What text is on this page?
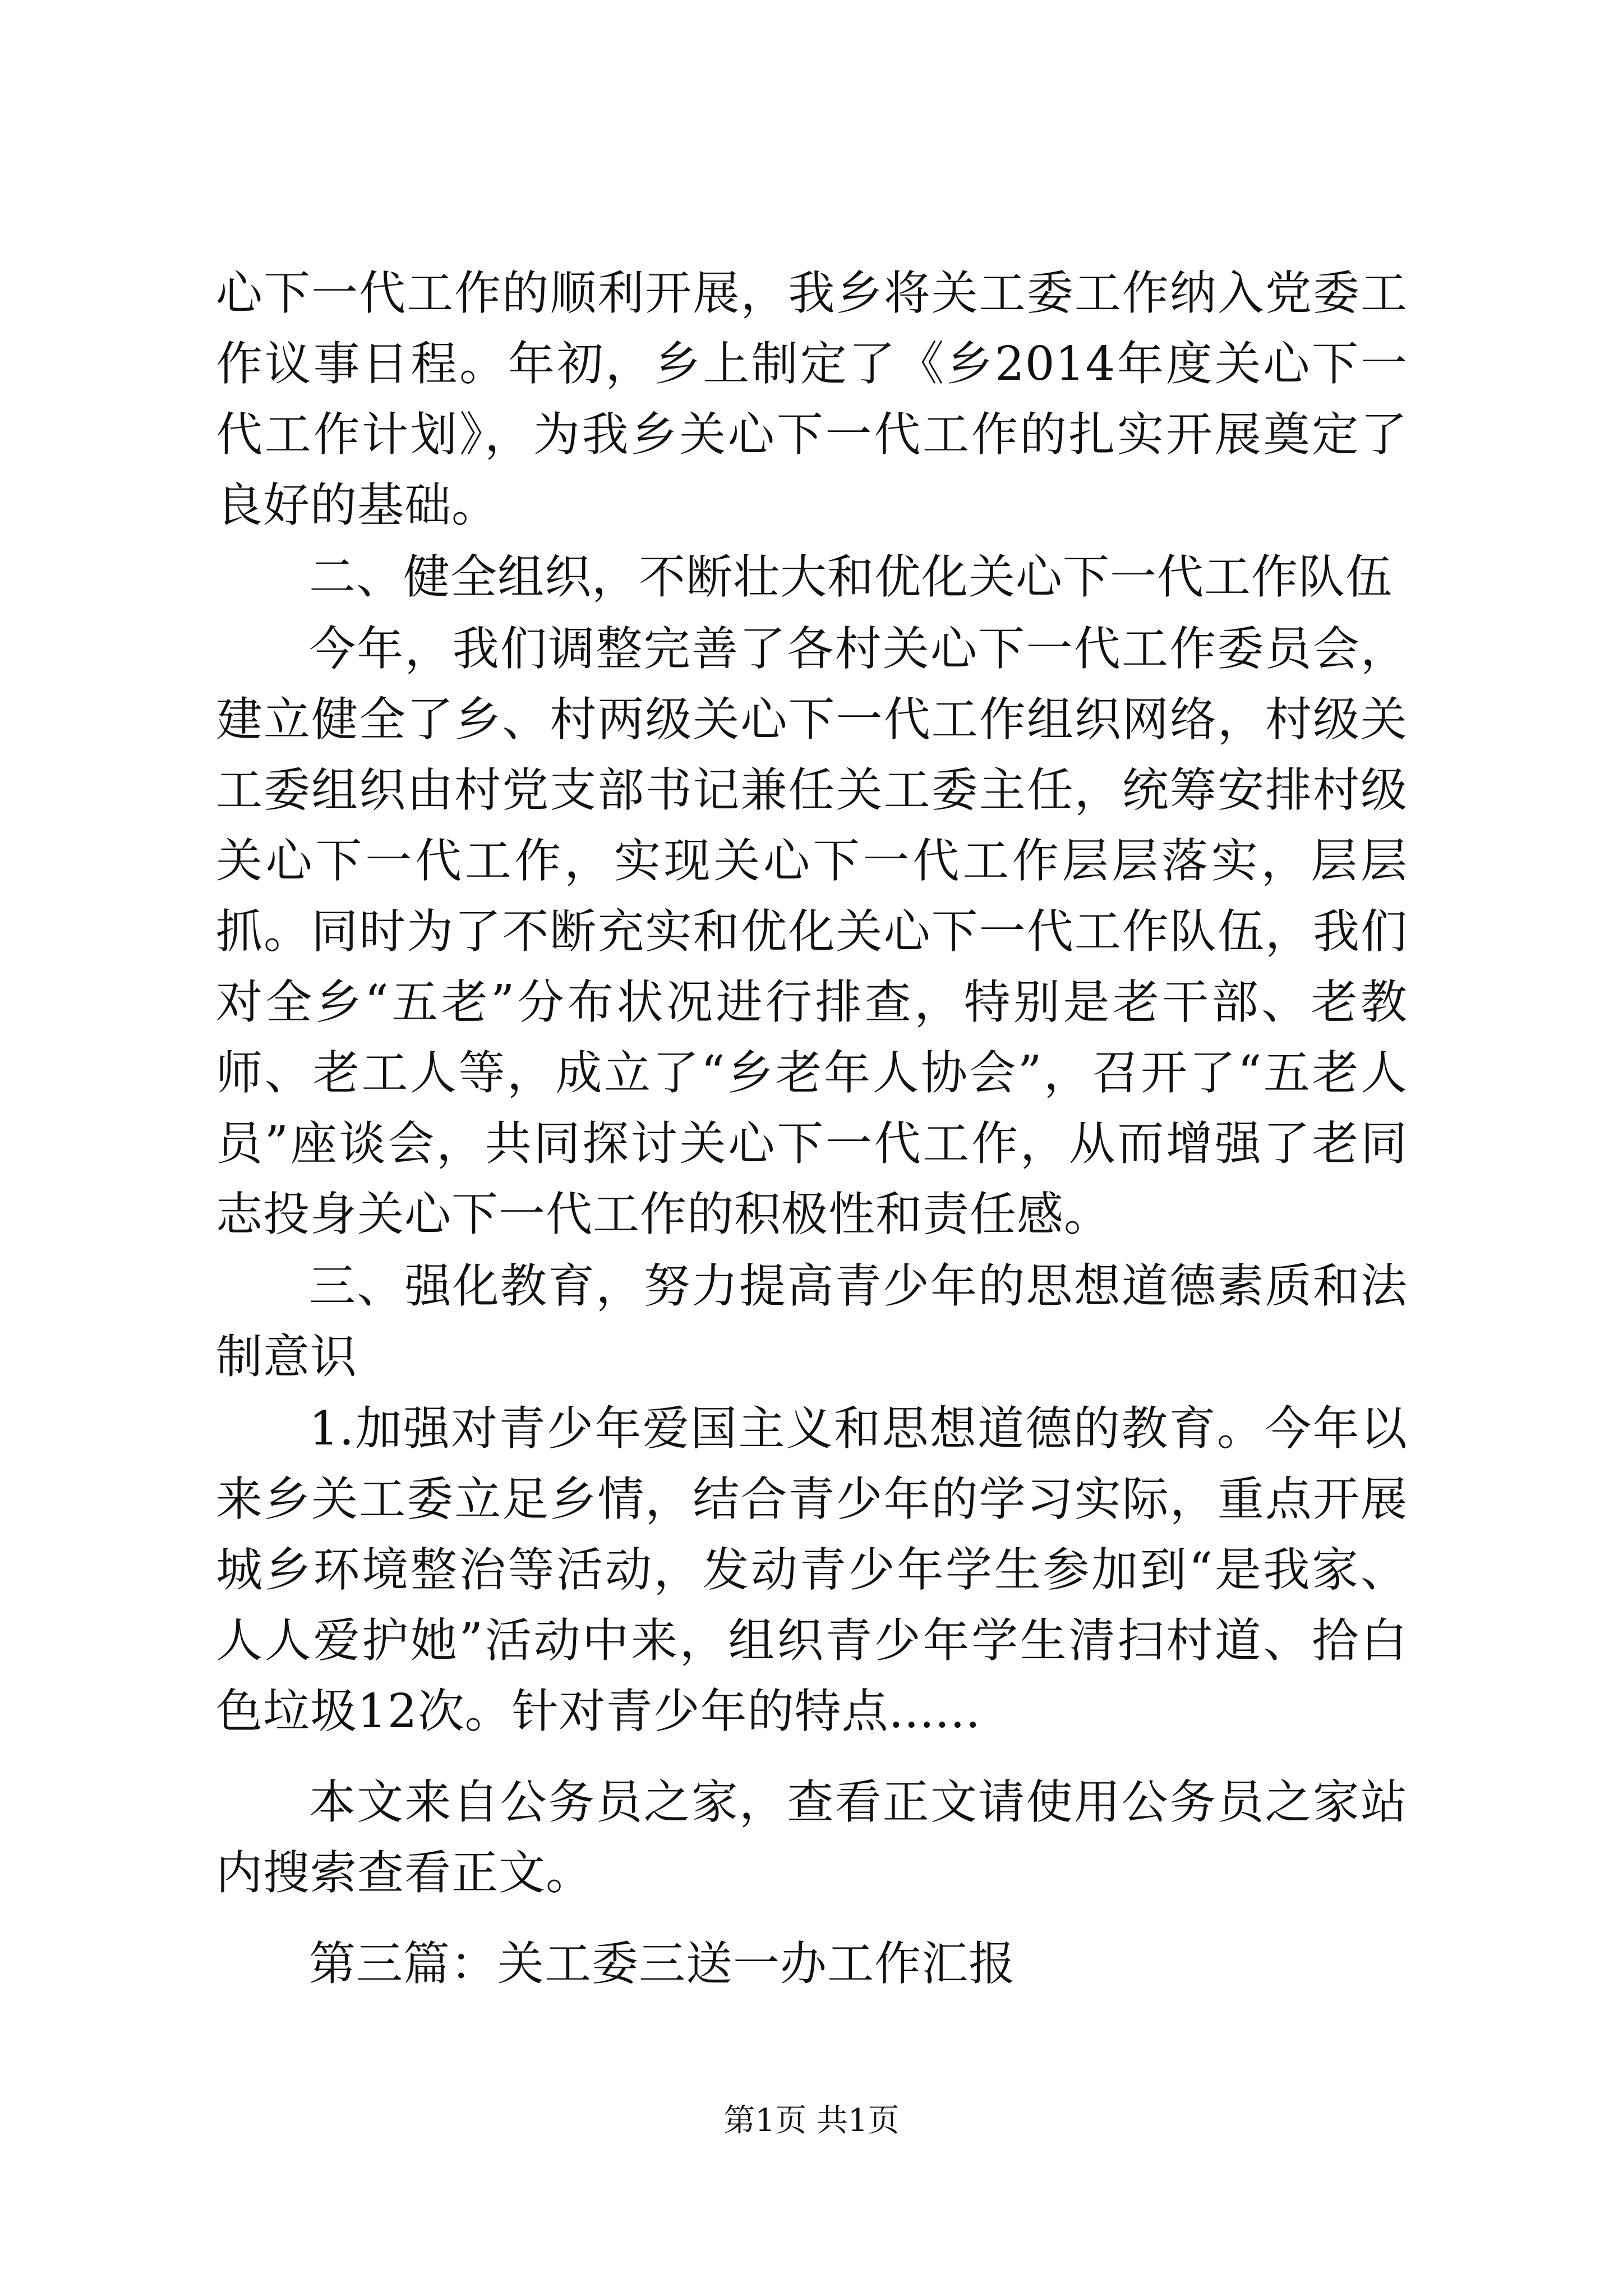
心下一代工作的顺利开展，我乡将关工委工作纳入党委工作议事日程。年初，乡上制定了《乡2014年度关心下一代工作计划》，为我乡关心下一代工作的扎实开展奠定了良好的基础。

二、健全组织，不断壮大和优化关心下一代工作队伍

今年，我们调整完善了各村关心下一代工作委员会，建立健全了乡、村两级关心下一代工作组织网络，村级关工委组织由村党支部书记兼任关工委主任，统筹安排村级关心下一代工作，实现关心下一代工作层层落实，层层抓。同时为了不断充实和优化关心下一代工作队伍，我们对全乡“五老”分布状况进行排查，特别是老干部、老教师、老工人等，成立了“乡老年人协会”，召开了“五老人员”座谈会，共同探讨关心下一代工作，从而增强了老同志投身关心下一代工作的积极性和责任感。

三、强化教育，努力提高青少年的思想道德素质和法制意识

1.加强对青少年爱国主义和思想道德的教育。今年以来乡关工委立足乡情，结合青少年的学习实际，重点开展城乡环境整治等活动，发动青少年学生参加到“是我家、人人爱护她”活动中来，组织青少年学生清扫村道、拾白色垃圾12次。针对青少年的特点......

本文来自公务员之家，查看正文请使用公务员之家站内搜索查看正文。

第三篇：关工委三送一办工作汇报

第1页 共1页
